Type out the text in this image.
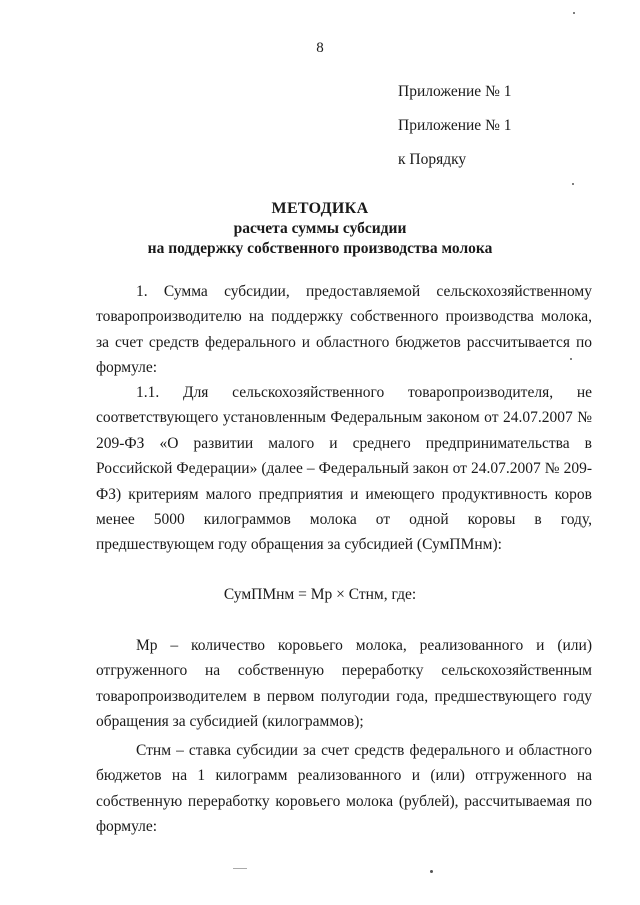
8
Приложение № 1
Приложение № 1
к Порядку
МЕТОДИКА
расчета суммы субсидии
на поддержку собственного производства молока
1. Сумма субсидии, предоставляемой сельскохозяйственному товаропроизводителю на поддержку собственного производства молока, за счет средств федерального и областного бюджетов рассчитывается по формуле:
1.1. Для сельскохозяйственного товаропроизводителя, не соответствующего установленным Федеральным законом от 24.07.2007 № 209-ФЗ «О развитии малого и среднего предпринимательства в Российской Федерации» (далее – Федеральный закон от 24.07.2007 № 209-ФЗ) критериям малого предприятия и имеющего продуктивность коров менее 5000 килограммов молока от одной коровы в году, предшествующем году обращения за субсидией (СумПМнм):
СумПМнм = Мр × Стнм, где:
Мр – количество коровьего молока, реализованного и (или) отгруженного на собственную переработку сельскохозяйственным товаропроизводителем в первом полугодии года, предшествующего году обращения за субсидией (килограммов);
Стнм – ставка субсидии за счет средств федерального и областного бюджетов на 1 килограмм реализованного и (или) отгруженного на собственную переработку коровьего молока (рублей), рассчитываемая по формуле:
